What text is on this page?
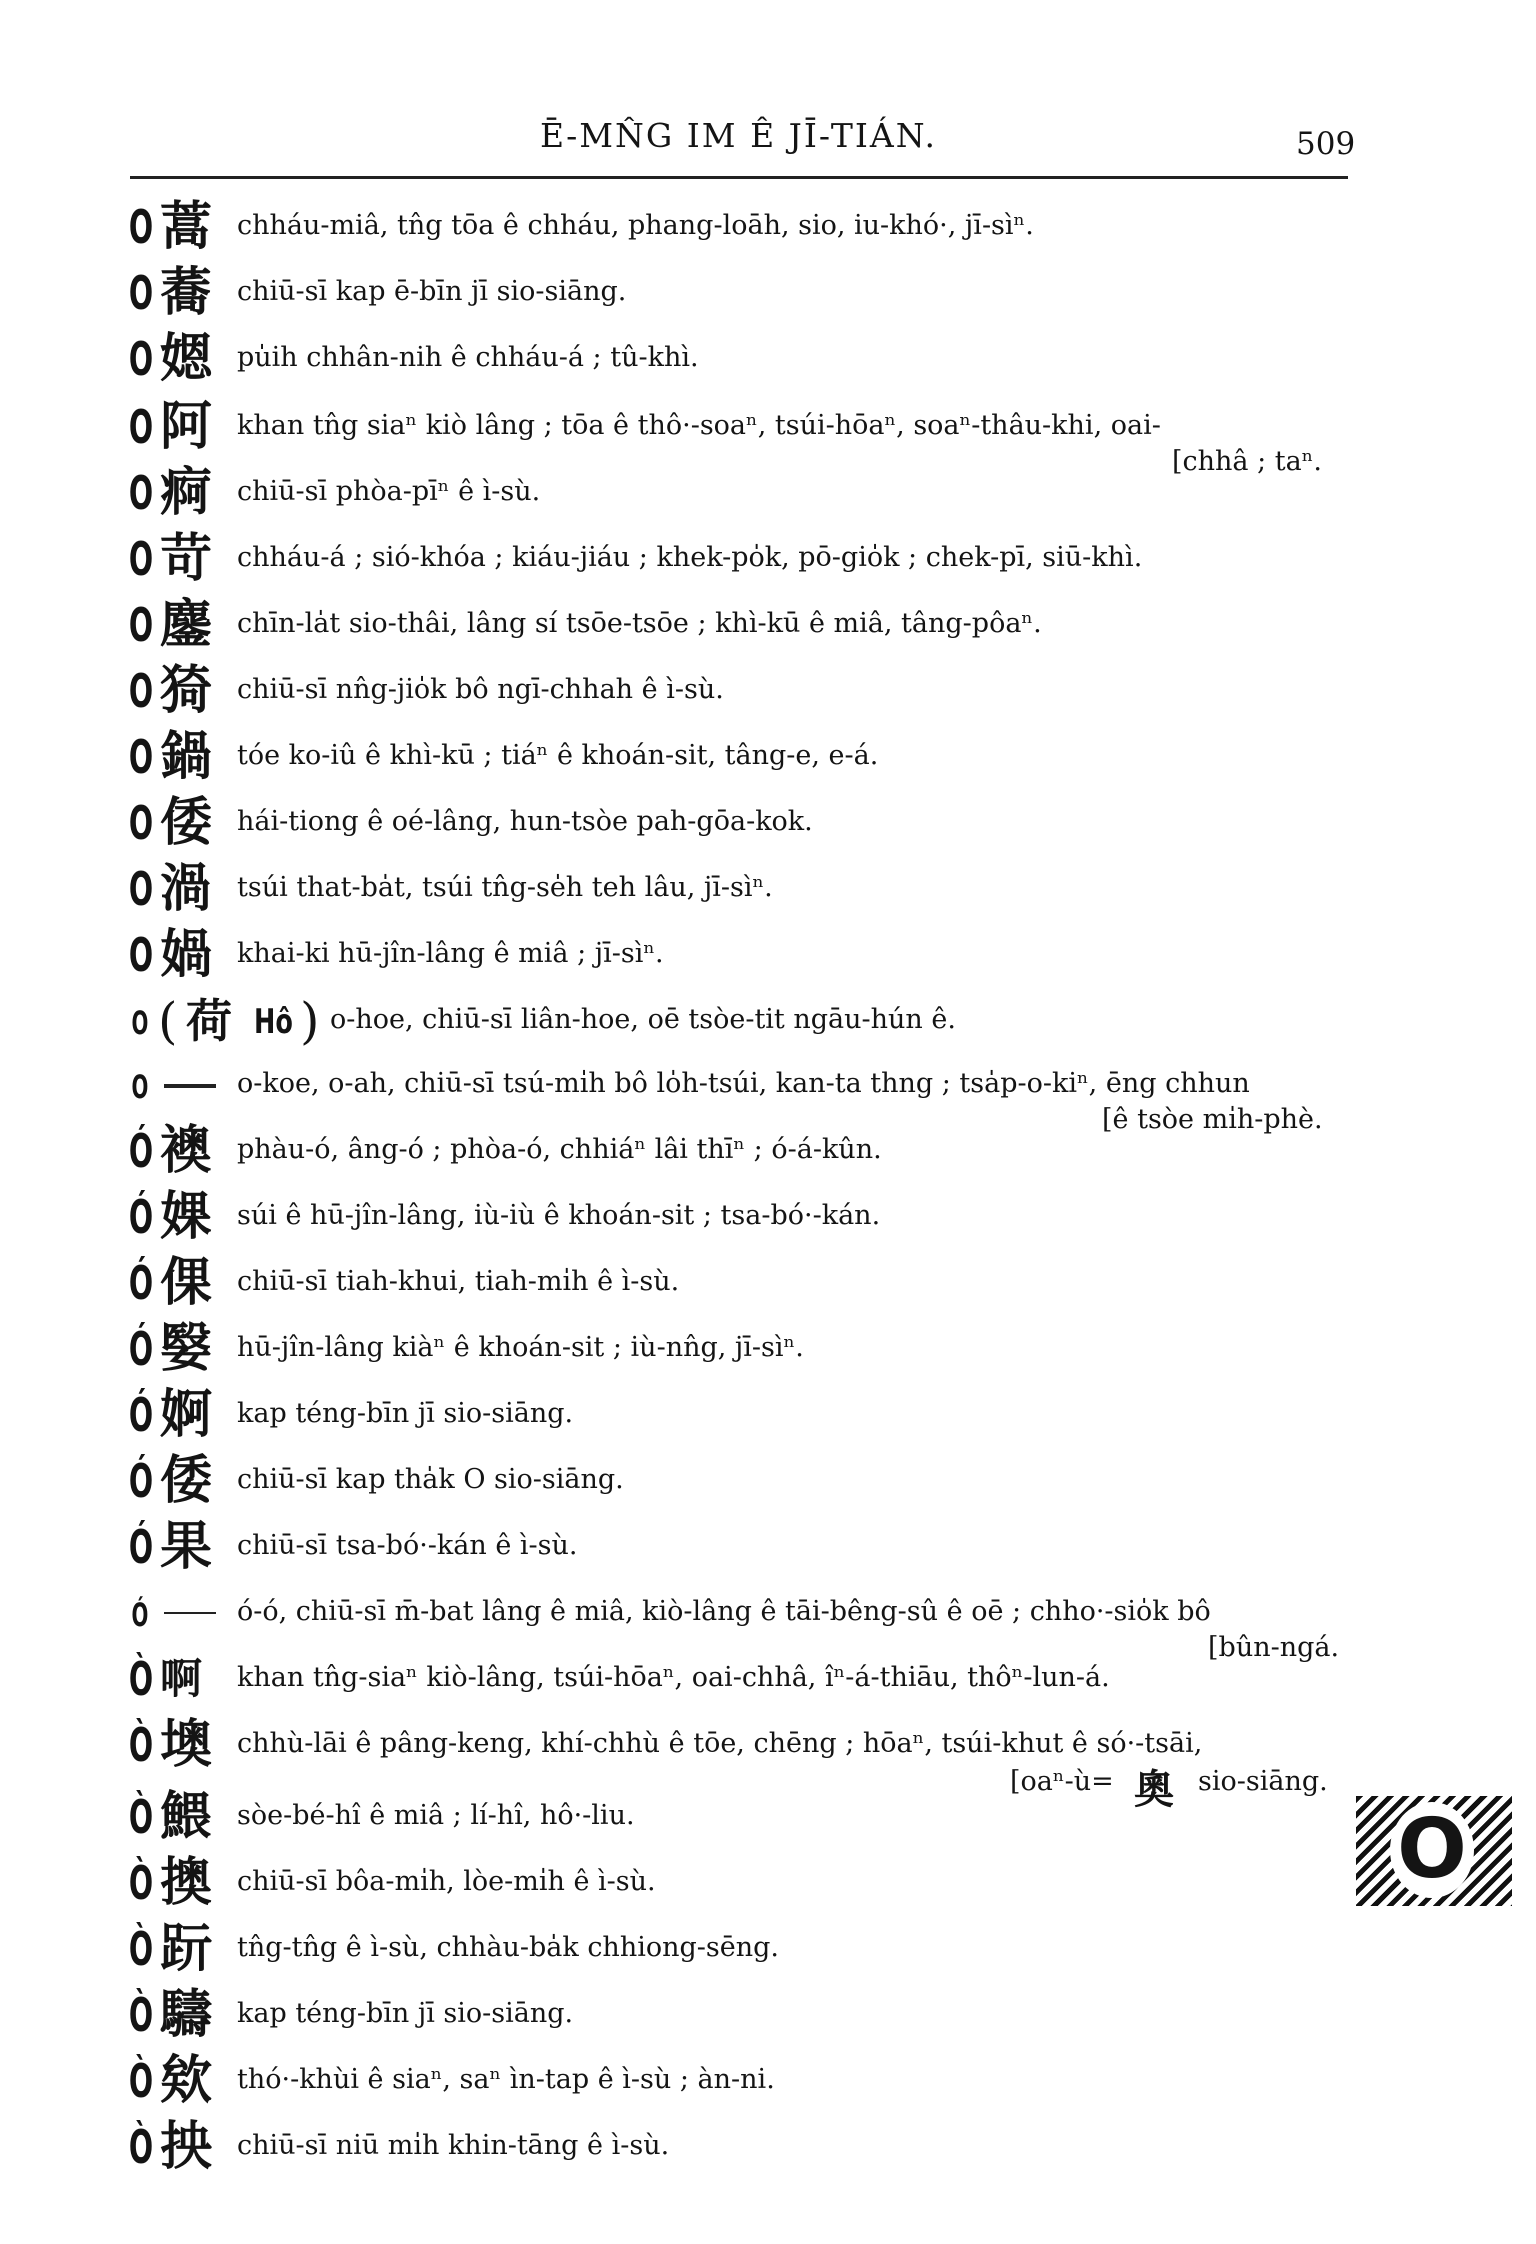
Ē-MN̂G IM Ê JĪ-TIÁN.	509
O 蒿 chháu-miâ, tn̂g tōa ê chháu, phang-loāh, sio, iu-khó·, jī-sìⁿ.
O 蕎 chiū-sī kap ē-bīn jī sio-siāng.
O 𡟯 pu̍ih chhân-nih ê chháu-á ; tû-khì.
O 阿 khan tn̂g siaⁿ kiò lâng ; tōa ê thô·-soaⁿ, tsúi-hōaⁿ, soaⁿ-thâu-khi, oai-
[chhâ ; taⁿ.
O 痾 chiū-sī phòa-pīⁿ ê ì-sù.
O 苛 chháu-á ; sió-khóa ; kiáu-jiáu ; khek-po̍k, pō-gio̍k ; chek-pī, siū-khì.
O 鏖 chīn-la̍t sio-thâi, lâng sí tsōe-tsōe ; khì-kū ê miâ, tâng-pôaⁿ.
O 猗 chiū-sī nn̂g-jio̍k bô ngī-chhah ê ì-sù.
O 鍋 tóe ko-iû ê khì-kū ; tiáⁿ ê khoán-sit, tâng-e, e-á.
O 倭 hái-tiong ê oé-lâng, hun-tsòe pah-gōa-kok.
O 渦 tsúi that-ba̍t, tsúi tn̂g-se̍h teh lâu, jī-sìⁿ.
O 媧 khai-ki hū-jîn-lâng ê miâ ; jī-sìⁿ.
O ( 荷 Hô ) o-hoe, chiū-sī liân-hoe, oē tsòe-tit ngāu-hún ê.
O	o-koe, o-ah, chiū-sī tsú-mi̍h bô lo̍h-tsúi, kan-ta thng ; tsa̍p-o-kiⁿ, ēng chhun
[ê tsòe mi̍h-phè.
Ó 襖 phàu-ó, âng-ó ; phòa-ó, chhiáⁿ lâi thīⁿ ; ó-á-kûn.
Ó 婐 súi ê hū-jîn-lâng, iù-iù ê khoán-sit ; tsa-bó·-kán.
Ó 倮 chiū-sī tiah-khui, tiah-mi̍h ê ì-sù.
Ó 嫛 hū-jîn-lâng kiàⁿ ê khoán-sit ; iù-nn̂g, jī-sìⁿ.
Ó 婀 kap téng-bīn jī sio-siāng.
Ó 倭 chiū-sī kap tha̍k O sio-siāng.
Ó 果 chiū-sī tsa-bó·-kán ê ì-sù.
Ó	ó-ó, chiū-sī m̄-bat lâng ê miâ, kiò-lâng ê tāi-bêng-sû ê oē ; chho·-sio̍k bô
[bûn-ngá.
Ò 啊 khan tn̂g-siaⁿ kiò-lâng, tsúi-hōaⁿ, oai-chhâ, îⁿ-á-thiāu, thôⁿ-lun-á.
Ò 墺 chhù-lāi ê pâng-keng, khí-chhù ê tōe, chēng ; hōaⁿ, tsúi-khut ê só·-tsāi,
[oaⁿ-ù= 奧 sio-siāng.
Ò 鰃 sòe-bé-hî ê miâ ; lí-hî, hô·-liu.
Ò 擙 chiū-sī bôa-mi̍h, lòe-mi̍h ê ì-sù.
Ò 䟚 tn̂g-tn̂g ê ì-sù, chhàu-ba̍k chhiong-sēng.
Ò 䮻 kap téng-bīn jī sio-siāng.
Ò 欸 thó·-khùi ê siaⁿ, saⁿ ìn-tap ê ì-sù ; àn-ni.
Ò 抰 chiū-sī niū mi̍h khin-tāng ê ì-sù.
O
